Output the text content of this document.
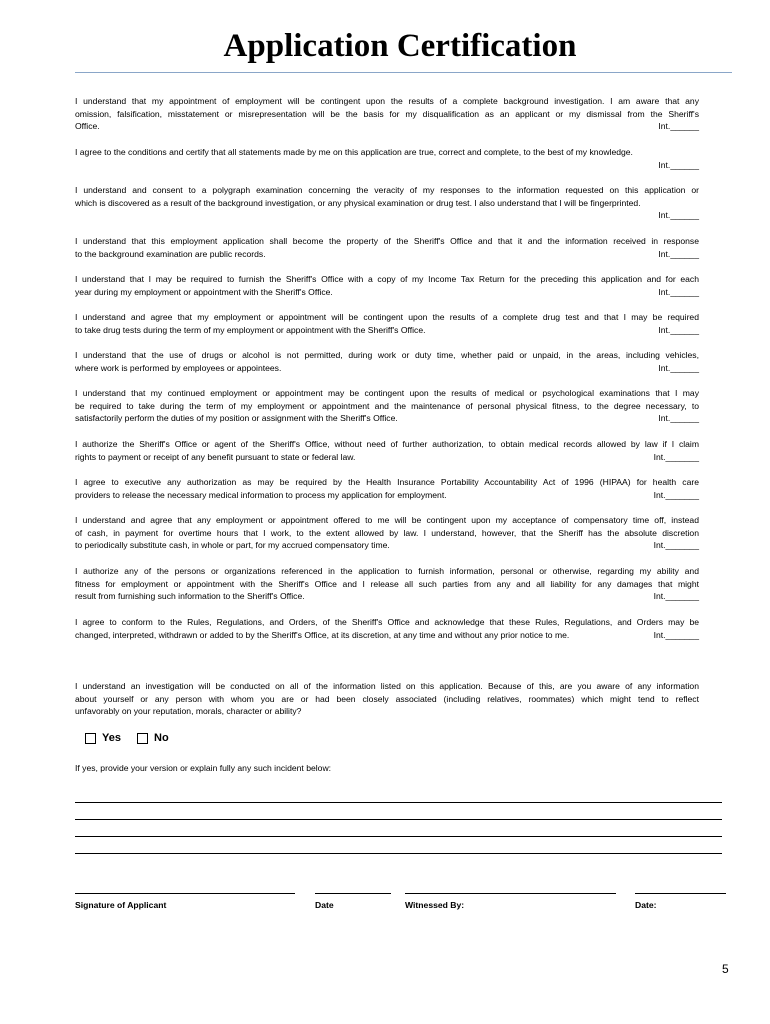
Application Certification
I understand that my appointment of employment will be contingent upon the results of a complete background investigation. I am aware that any
omission, falsification, misstatement or misrepresentation will be the basis for my disqualification as an applicant or my dismissal from the Sheriff's
Office.	Int.______
I agree to the conditions and certify that all statements made by me on this application are true, correct and complete, to the best of my knowledge.
Int.______
I understand and consent to a polygraph examination concerning the veracity of my responses to the information requested on this application or
which is discovered as a result of the background investigation, or any physical examination or drug test. I also understand that I will be fingerprinted.
Int.______
I understand that this employment application shall become the property of the Sheriff's Office and that it and the information received in response
to the background examination are public records.	Int.______
I understand that I may be required to furnish the Sheriff's Office with a copy of my Income Tax Return for the preceding this application and for each
year during my employment or appointment with the Sheriff's Office.	Int.______
I understand and agree that my employment or appointment will be contingent upon the results of a complete drug test and that I may be required
to take drug tests during the term of my employment or appointment with the Sheriff's Office.	Int.______
I understand that the use of drugs or alcohol is not permitted, during work or duty time, whether paid or unpaid, in the areas, including vehicles,
where work is performed by employees or appointees.	Int.______
I understand that my continued employment or appointment may be contingent upon the results of medical or psychological examinations that I may
be required to take during the term of my employment or appointment and the maintenance of personal physical fitness, to the degree necessary, to
satisfactorily perform the duties of my position or assignment with the Sheriff's Office.	Int.______
I authorize the Sheriff's Office or agent of the Sheriff's Office, without need of further authorization, to obtain medical records allowed by law if I claim
rights to payment or receipt of any benefit pursuant to state or federal law.	Int._______
I agree to executive any authorization as may be required by the Health Insurance Portability Accountability Act of 1996 (HIPAA) for health care
providers to release the necessary medical information to process my application for employment.	Int._______
I understand and agree that any employment or appointment offered to me will be contingent upon my acceptance of compensatory time off, instead
of cash, in payment for overtime hours that I work, to the extent allowed by law. I understand, however, that the Sheriff has the absolute discretion
to periodically substitute cash, in whole or part, for my accrued compensatory time.	Int._______
I authorize any of the persons or organizations referenced in the application to furnish information, personal or otherwise, regarding my ability and
fitness for employment or appointment with the Sheriff's Office and I release all such parties from any and all liability for any damages that might
result from furnishing such information to the Sheriff's Office.	Int._______
I agree to conform to the Rules, Regulations, and Orders, of the Sheriff's Office and acknowledge that these Rules, Regulations, and Orders may be
changed, interpreted, withdrawn or added to by the Sheriff's Office, at its discretion, at any time and without any prior notice to me.	Int._______
I understand an investigation will be conducted on all of the information listed on this application. Because of this, are you aware of any information
about yourself or any person with whom you are or had been closely associated (including relatives, roommates) which might tend to reflect
unfavorably on your reputation, morals, character or ability?
Yes	No
If yes, provide your version or explain fully any such incident below:
Signature of Applicant	Date	Witnessed By:	Date:
5
